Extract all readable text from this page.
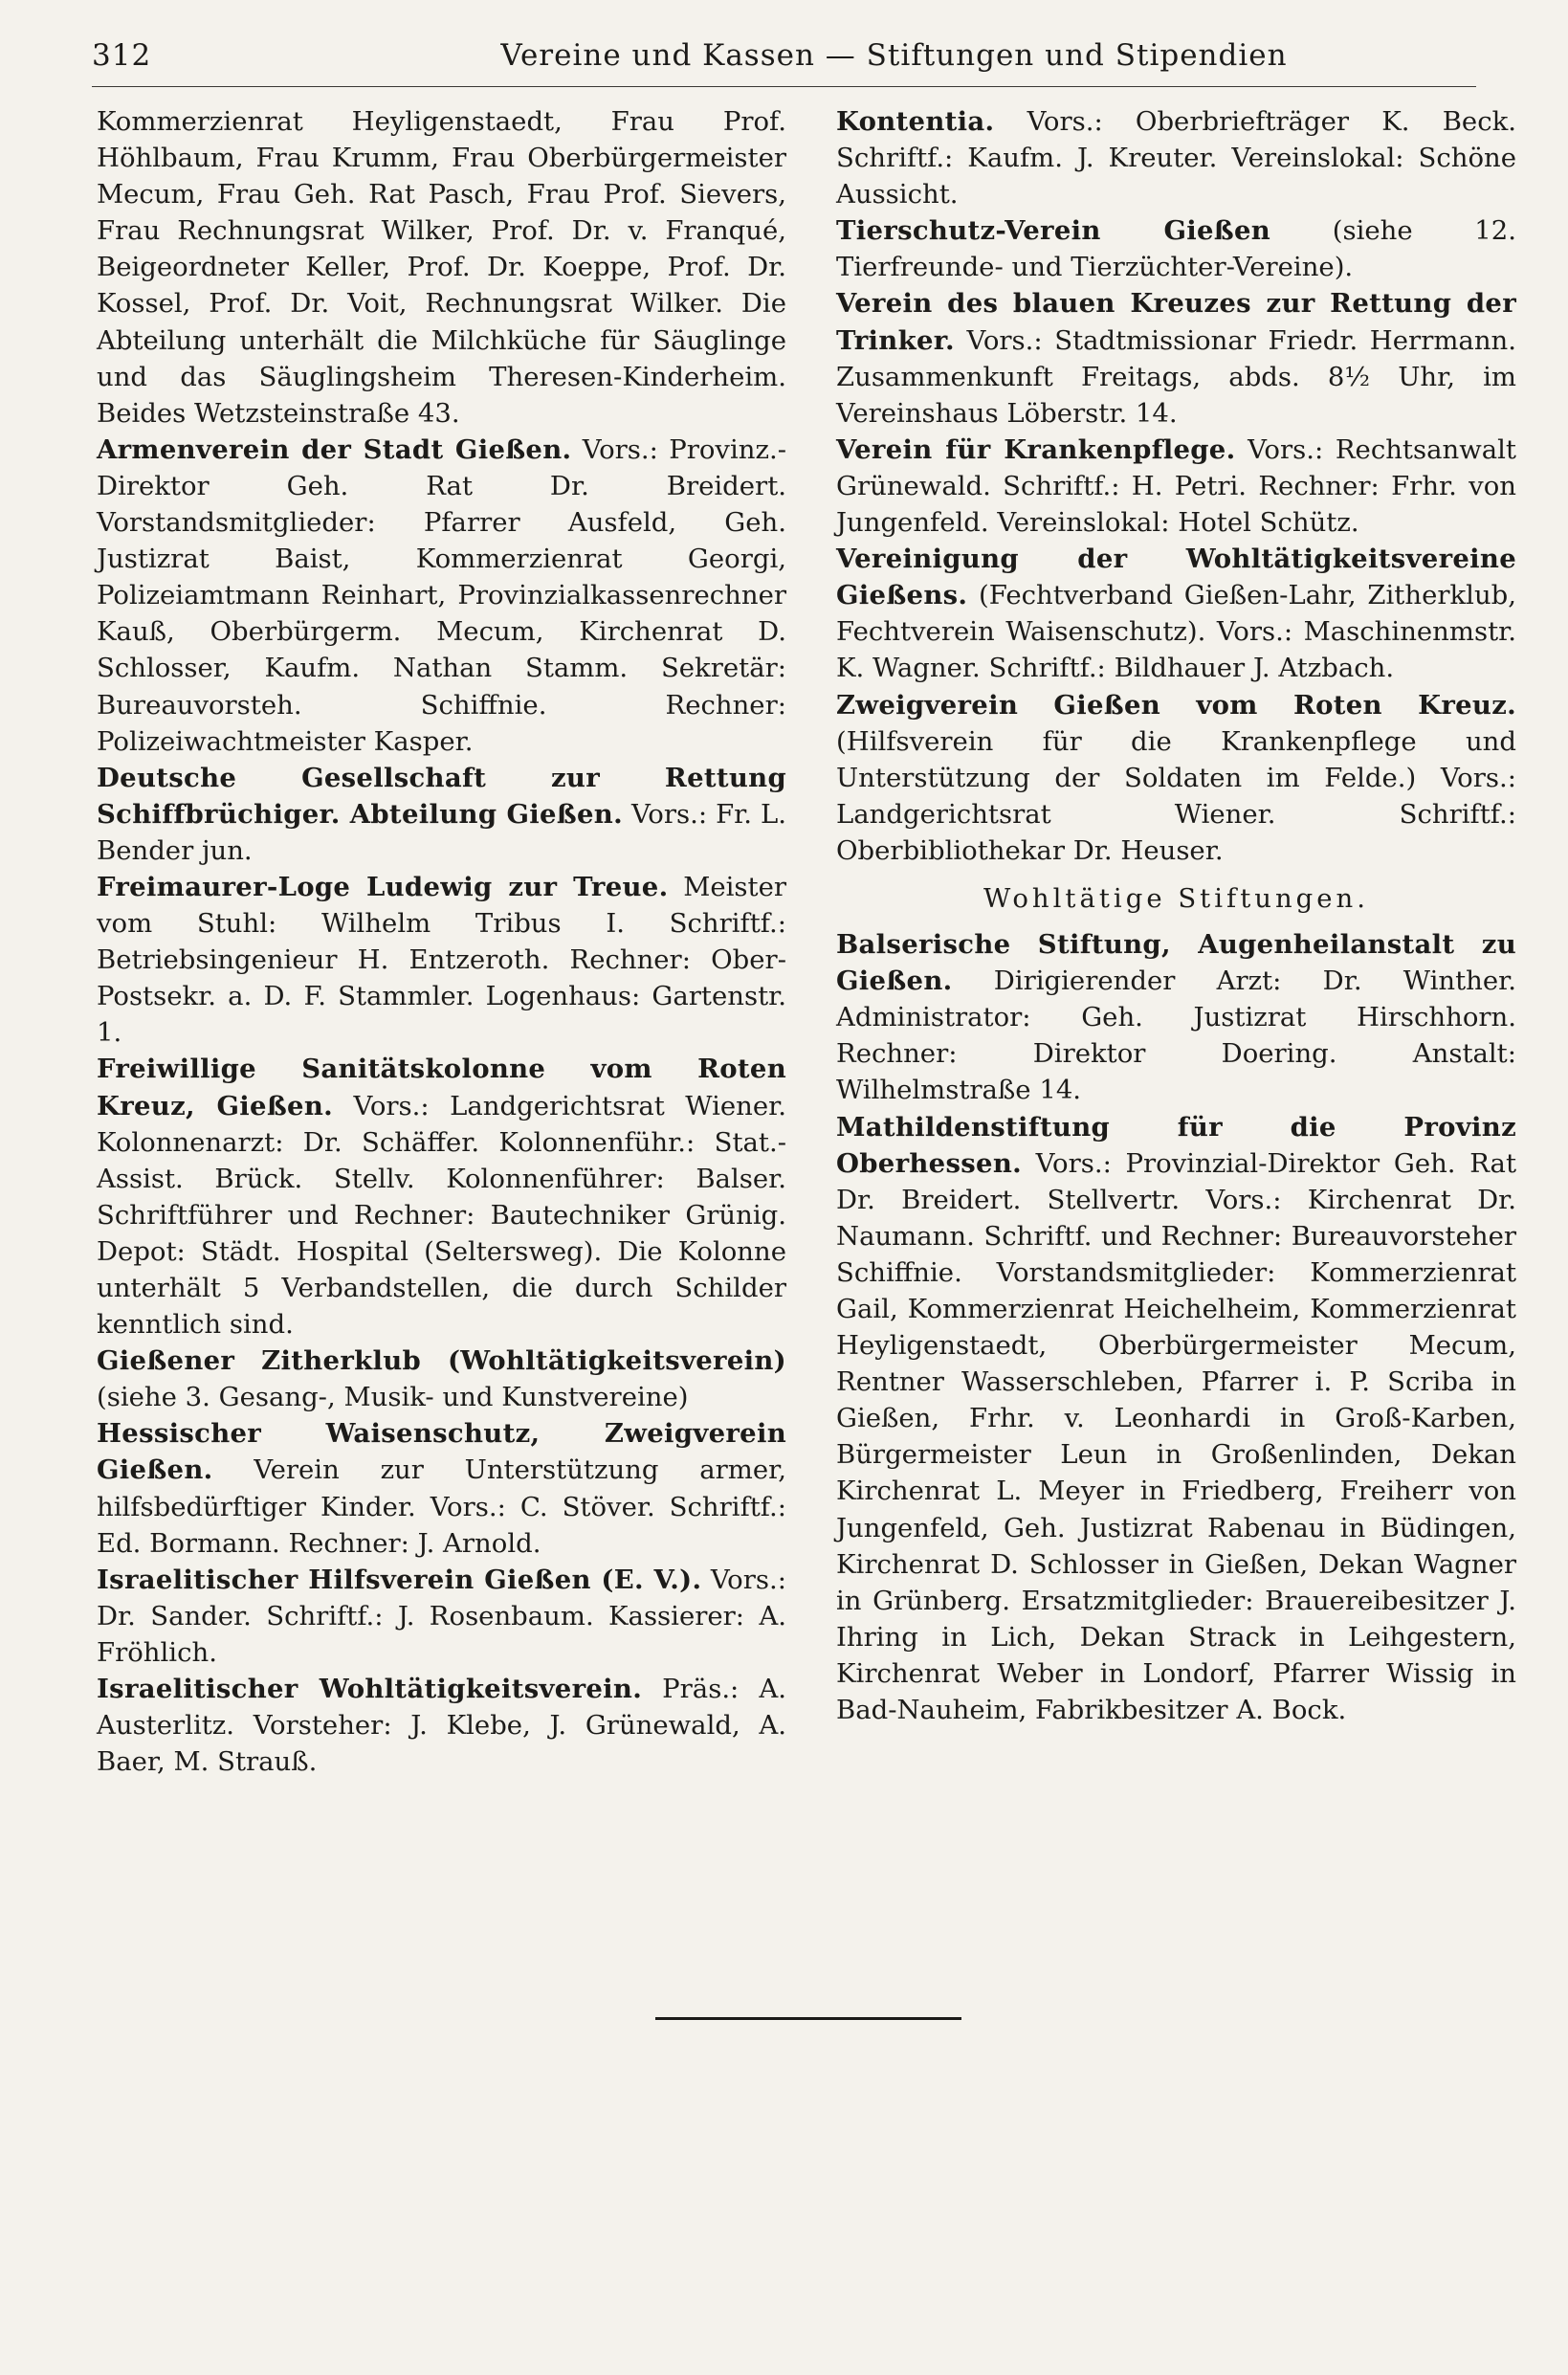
312	Vereine und Kassen — Stiftungen und Stipendien

Kommerzienrat Heyligenstaedt, Frau Prof. Höhlbaum, Frau Krumm, Frau Oberbürgermeister Mecum, Frau Geh. Rat Pasch, Frau Prof. Sievers, Frau Rechnungsrat Wilker, Prof. Dr. v. Franqué, Beigeordneter Keller, Prof. Dr. Koeppe, Prof. Dr. Kossel, Prof. Dr. Voit, Rechnungsrat Wilker. Die Abteilung unterhält die Milchküche für Säuglinge und das Säuglingsheim Theresen-Kinderheim. Beides Wetzsteinstraße 43.

Armenverein der Stadt Gießen. Vors.: Provinz.-Direktor Geh. Rat Dr. Breidert. Vorstandsmitglieder: Pfarrer Ausfeld, Geh. Justizrat Baist, Kommerzienrat Georgi, Polizeiamtmann Reinhart, Provinzialkassenrechner Kauß, Oberbürgerm. Mecum, Kirchenrat D. Schlosser, Kaufm. Nathan Stamm. Sekretär: Bureauvorsteh. Schiffnie. Rechner: Polizeiwachtmeister Kasper.

Deutsche Gesellschaft zur Rettung Schiffbrüchiger. Abteilung Gießen. Vors.: Fr. L. Bender jun.

Freimaurer-Loge Ludewig zur Treue. Meister vom Stuhl: Wilhelm Tribus I. Schriftf.: Betriebsingenieur H. Entzeroth. Rechner: Ober-Postsekr. a. D. F. Stammler. Logenhaus: Gartenstr. 1.

Freiwillige Sanitätskolonne vom Roten Kreuz, Gießen. Vors.: Landgerichtsrat Wiener. Kolonnenarzt: Dr. Schäffer. Kolonnenführ.: Stat.-Assist. Brück. Stellv. Kolonnenführer: Balser. Schriftführer und Rechner: Bautechniker Grünig. Depot: Städt. Hospital (Seltersweg). Die Kolonne unterhält 5 Verbandstellen, die durch Schilder kenntlich sind.

Gießener Zitherklub (Wohltätigkeitsverein) (siehe 3. Gesang-, Musik- und Kunstvereine)

Hessischer Waisenschutz, Zweigverein Gießen. Verein zur Unterstützung armer, hilfsbedürftiger Kinder. Vors.: C. Stöver. Schriftf.: Ed. Bormann. Rechner: J. Arnold.

Israelitischer Hilfsverein Gießen (E. V.). Vors.: Dr. Sander. Schriftf.: J. Rosenbaum. Kassierer: A. Fröhlich.

Israelitischer Wohltätigkeitsverein. Präs.: A. Austerlitz. Vorsteher: J. Klebe, J. Grünewald, A. Baer, M. Strauß.

Kontentia. Vors.: Oberbriefträger K. Beck. Schriftf.: Kaufm. J. Kreuter. Vereinslokal: Schöne Aussicht.

Tierschutz-Verein Gießen (siehe 12. Tierfreunde- und Tierzüchter-Vereine).

Verein des blauen Kreuzes zur Rettung der Trinker. Vors.: Stadtmissionar Friedr. Herrmann. Zusammenkunft Freitags, abds. 8½ Uhr, im Vereinshaus Löberstr. 14.

Verein für Krankenpflege. Vors.: Rechtsanwalt Grünewald. Schriftf.: H. Petri. Rechner: Frhr. von Jungenfeld. Vereinslokal: Hotel Schütz.

Vereinigung der Wohltätigkeitsvereine Gießens. (Fechtverband Gießen-Lahr, Zitherklub, Fechtverein Waisenschutz). Vors.: Maschinenmstr. K. Wagner. Schriftf.: Bildhauer J. Atzbach.

Zweigverein Gießen vom Roten Kreuz. (Hilfsverein für die Krankenpflege und Unterstützung der Soldaten im Felde.) Vors.: Landgerichtsrat Wiener. Schriftf.: Oberbibliothekar Dr. Heuser.

Wohltätige Stiftungen.

Balserische Stiftung, Augenheilanstalt zu Gießen. Dirigierender Arzt: Dr. Winther. Administrator: Geh. Justizrat Hirschhorn. Rechner: Direktor Doering. Anstalt: Wilhelmstraße 14.

Mathildenstiftung für die Provinz Oberhessen. Vors.: Provinzial-Direktor Geh. Rat Dr. Breidert. Stellvertr. Vors.: Kirchenrat Dr. Naumann. Schriftf. und Rechner: Bureauvorsteher Schiffnie. Vorstandsmitglieder: Kommerzienrat Gail, Kommerzienrat Heichelheim, Kommerzienrat Heyligenstaedt, Oberbürgermeister Mecum, Rentner Wasserschleben, Pfarrer i. P. Scriba in Gießen, Frhr. v. Leonhardi in Groß-Karben, Bürgermeister Leun in Großenlinden, Dekan Kirchenrat L. Meyer in Friedberg, Freiherr von Jungenfeld, Geh. Justizrat Rabenau in Büdingen, Kirchenrat D. Schlosser in Gießen, Dekan Wagner in Grünberg. Ersatzmitglieder: Brauereibesitzer J. Ihring in Lich, Dekan Strack in Leihgestern, Kirchenrat Weber in Londorf, Pfarrer Wissig in Bad-Nauheim, Fabrikbesitzer A. Bock.
